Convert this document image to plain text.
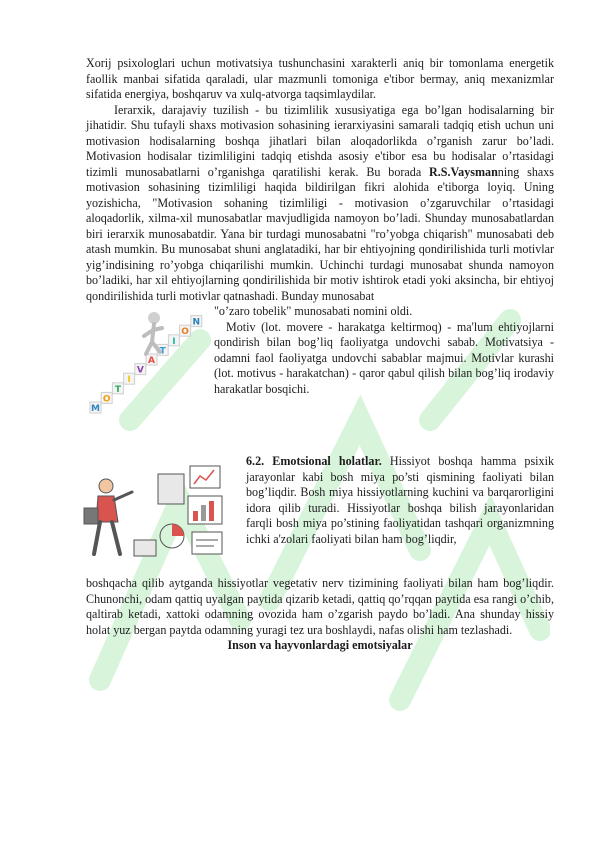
Xorij psixologlari uchun motivatsiya tushunchasini xarakterli aniq bir tomonlama energetik faollik manbai sifatida qaraladi, ular mazmunli tomoniga e'tibor bermay, aniq mexanizmlar sifatida energiya, boshqaruv va xulq-atvorga taqsimlaydilar.

Ierarxik, darajaviy tuzilish - bu tizimlilik xususiyatiga ega bo’lgan hodisalarning bir jihatidir. Shu tufayli shaxs motivasion sohasining ierarxiyasini samarali tadqiq etish uchun uni motivasion hodisalarning boshqa jihatlari bilan aloqadorlikda o’rganish zarur bo’ladi. Motivasion hodisalar tizimliligini tadqiq etishda asosiy e'tibor esa bu hodisalar o’rtasidagi tizimli munosabatlarni o’rganishga qaratilishi kerak. Bu borada R.S.Vaysmanning shaxs motivasion sohasining tizimliligi haqida bildirilgan fikri alohida e'tiborga loyiq. Uning yozishicha, "Motivasion sohaning tizimliligi - motivasion o’zgaruvchilar o’rtasidagi aloqadorlik, xilma-xil munosabatlar mavjudligida namoyon bo’ladi. Shunday munosabatlardan biri ierarxik munosabatdir. Yana bir turdagi munosabatni "ro’yobga chiqarish" munosabati deb atash mumkin. Bu munosabat shuni anglatadiki, har bir ehtiyojning qondirilishida turli motivlar yig’indisining ro’yobga chiqarilishi mumkin. Uchinchi turdagi munosabat shunda namoyon bo’ladiki, har xil ehtiyojlarning qondirilishida bir motiv ishtirok etadi yoki aksincha, bir ehtiyoj qondirilishida turli motivlar qatnashadi. Bunday munosabat

M
O
T
I
V
A
T
I
O
N

"o’zaro tobelik" munosabati nomini oldi.

Motiv (lot. movere - harakatga keltirmoq) - ma'lum ehtiyojlarni qondirish bilan bog’liq faoliyatga undovchi sabab. Motivatsiya - odamni faol faoliyatga undovchi sabablar majmui. Motivlar kurashi (lot. motivus - harakatchan) - qaror qabul qilish bilan bog’liq irodaviy harakatlar bosqichi.

6.2. Emotsional holatlar. Hissiyot boshqa hamma psixik jarayonlar kabi bosh miya po’sti qismining faoliyati bilan bog’liqdir. Bosh miya hissiyotlarning kuchini va barqarorligini idora qilib turadi. Hissiyotlar boshqa bilish jarayonlaridan farqli bosh miya po’stining faoliyatidan tashqari organizmning ichki a'zolari faoliyati bilan ham bog’liqdir,

boshqacha qilib aytganda hissiyotlar vegetativ nerv tizimining faoliyati bilan ham bog’liqdir. Chunonchi, odam qattiq uyalgan paytida qizarib ketadi, qattiq qo’rqqan paytida esa rangi o’chib, qaltirab ketadi, xattoki odamning ovozida ham o’zgarish paydo bo’ladi. Ana shunday hissiy holat yuz bergan paytda odamning yuragi tez ura boshlaydi, nafas olishi ham tezlashadi.

Inson va hayvonlardagi emotsiyalar
